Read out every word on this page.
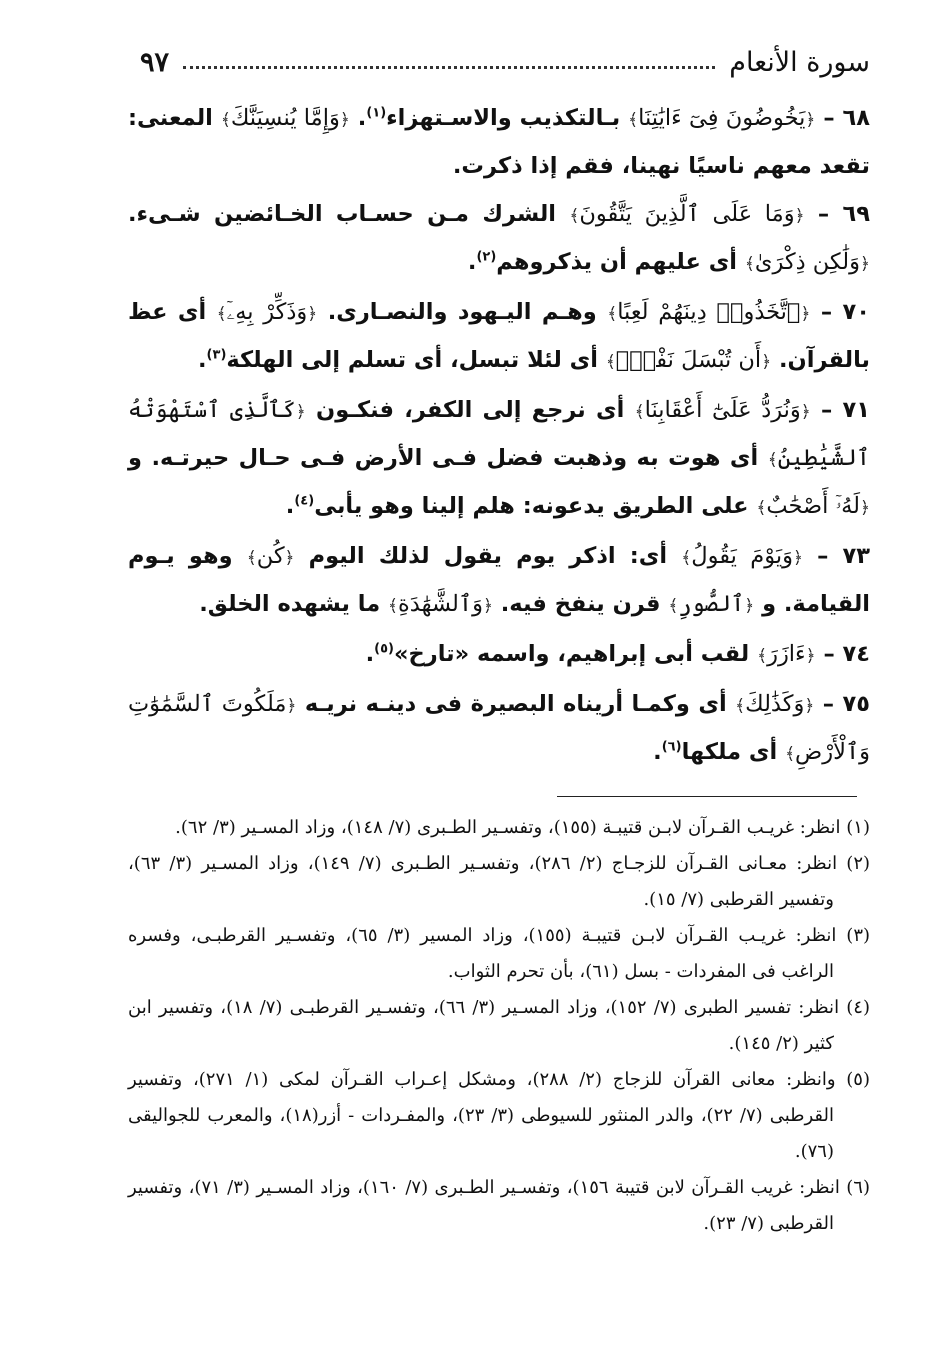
سورة الأنعام
٩٧

٦٨ – ﴿يَخُوضُونَ فِىٓ ءَايَٰتِنَا﴾ بـالتكذيب والاسـتهزاء$^{(١)}$. ﴿وَإِمَّا يُنسِيَنَّكَ﴾ المعنى: تقعد معهم ناسيًا نهينا، فقم إذا ذكرت.

٦٩ – ﴿وَمَا عَلَى ٱلَّذِينَ يَتَّقُونَ﴾ الشرك مـن حسـاب الخـائضين شـىء. ﴿وَلَٰكِن ذِكْرَىٰ﴾ أى عليهم أن يذكروهم$^{(٢)}$.

٧٠ – ﴿ٱتَّخَذُوا۟ دِينَهُمْ لَعِبًا﴾ وهـم اليـهود والنصـارى. ﴿وَذَكِّرْ بِهِۦٓ﴾ أى عظ بالقرآن. ﴿أَن تُبْسَلَ نَفْسٌۢ﴾ أى لئلا تبسل، أى تسلم إلى الهلكة$^{(٣)}$.

٧١ – ﴿وَنُرَدُّ عَلَىٰٓ أَعْقَابِنَا﴾ أى نرجع إلى الكفر، فنكـون ﴿كَٱلَّذِى ٱسْتَهْوَتْهُ ٱلشَّيَٰطِينُ﴾ أى هوت به وذهبت فضل فـى الأرض فـى حـال حيرتـه. و ﴿لَهُۥٓ أَصْحَٰبٌ﴾ على الطريق يدعونه: هلم إلينا وهو يأبى$^{(٤)}$.

٧٣ – ﴿وَيَوْمَ يَقُولُ﴾ أى: اذكر يوم يقول لذلك اليوم ﴿كُن﴾ وهو يـوم القيامة. و ﴿ٱلصُّورِ﴾ قرن ينفخ فيه. ﴿وَٱلشَّهَٰدَةِ﴾ ما يشهده الخلق.

٧٤ – ﴿ءَازَرَ﴾ لقب أبى إبراهيم، واسمه «تارخ»$^{(٥)}$.

٧٥ – ﴿وَكَذَٰلِكَ﴾ أى وكمـا أريناه البصيرة فى دينـه نريـه ﴿مَلَكُوتَ ٱلسَّمَٰوَٰتِ وَٱلْأَرْضِ﴾ أى ملكها$^{(٦)}$.

(١) انظر: غريـب القـرآن لابـن قتيبـة (١٥٥)، وتفسـير الطـبرى (٧/ ١٤٨)، وزاد المسـير (٣/ ٦٢).

(٢) انظر: معـانى القـرآن للزجـاج (٢/ ٢٨٦)، وتفسـير الطـبرى (٧/ ١٤٩)، وزاد المسـير (٣/ ٦٣)، وتفسير القرطبى (٧/ ١٥).

(٣) انظر: غريـب القـرآن لابـن قتيبـة (١٥٥)، وزاد المسير (٣/ ٦٥)، وتفسـير القرطبـى، وفسره الراغب فى المفردات - بسل (٦١)، بأن تحرم الثواب.

(٤) انظر: تفسير الطبرى (٧/ ١٥٢)، وزاد المسـير (٣/ ٦٦)، وتفسـير القرطبـى (٧/ ١٨)، وتفسير ابن كثير (٢/ ١٤٥).

(٥) وانظر: معانى القرآن للزجاج (٢/ ٢٨٨)، ومشكل إعـراب القـرآن لمكى (١/ ٢٧١)، وتفسير القرطبى (٧/ ٢٢)، والدر المنثور للسيوطى (٣/ ٢٣)، والمفـردات - أزر(١٨)، والمعرب للجواليقى (٧٦).

(٦) انظر: غريب القـرآن لابن قتيبة ١٥٦)، وتفسـير الطـبرى (٧/ ١٦٠)، وزاد المسـير (٣/ ٧١)، وتفسير القرطبى (٧/ ٢٣).
